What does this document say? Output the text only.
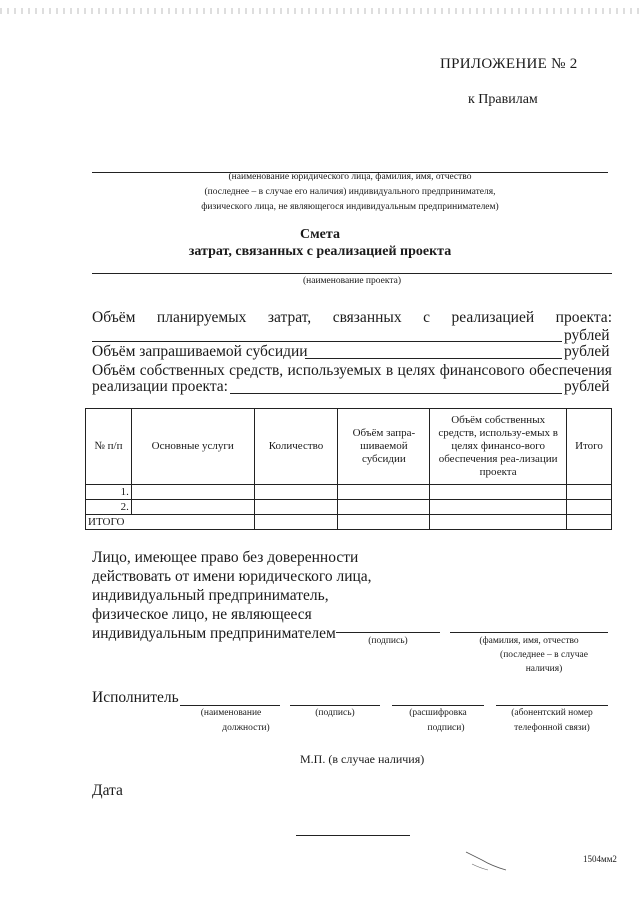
ПРИЛОЖЕНИЕ № 2
к Правилам
(наименование юридического лица, фамилия, имя, отчество
(последнее – в случае его наличия) индивидуального предпринимателя,
физического лица, не являющегося индивидуальным предпринимателем)
Смета
затрат, связанных с реализацией проекта
(наименование проекта)
Объём планируемых затрат, связанных с реализацией проекта:
рублей
Объём запрашиваемой субсидии	рублей
Объём собственных средств, используемых в целях финансового обеспечения
реализации проекта:	рублей
№ п/п	Основные услуги	Количество	Объём запра-шиваемой субсидии	Объём собственных средств, использу-емых в целях финансо-вого обеспечения реа-лизации проекта	Итого
1.					
2.					
ИТОГО					
Лицо, имеющее право без доверенности
действовать от имени юридического лица,
индивидуальный предприниматель,
физическое лицо, не являющееся
индивидуальным предпринимателем	(подпись)	(фамилия, имя, отчество
(последнее – в случае
наличия)
Исполнитель
(наименование
должности)
(подпись)	(расшифровка
подписи)
(абонентский номер
телефонной связи)
М.П. (в случае наличия)
Дата
1504мм2
